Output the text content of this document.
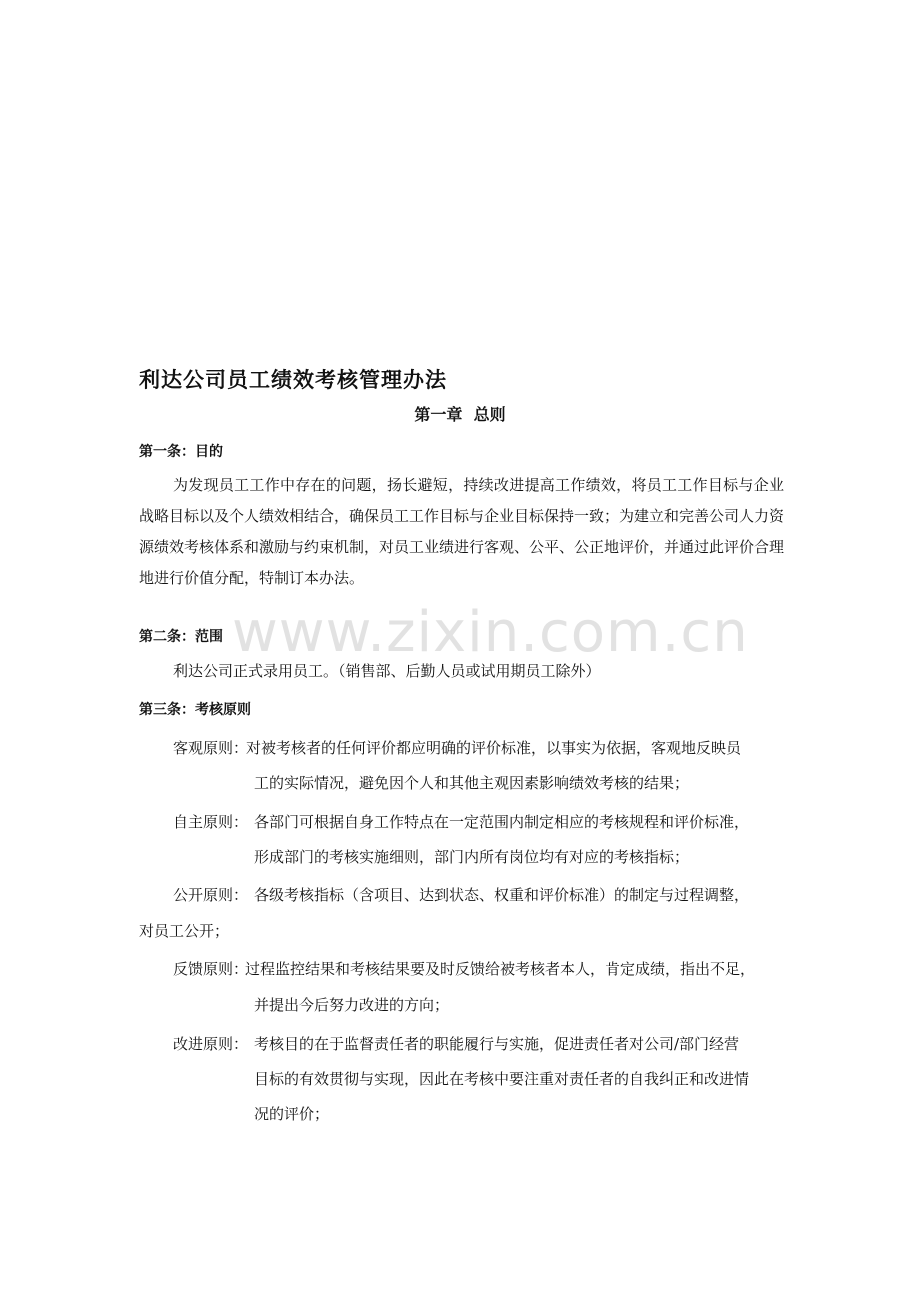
www.zixin.com.cn
利达公司员工绩效考核管理办法
第一章  总则
第一条：目的
为发现员工工作中存在的问题，扬长避短，持续改进提高工作绩效，将员工工作目标与企业战略目标以及个人绩效相结合，确保员工工作目标与企业目标保持一致；为建立和完善公司人力资源绩效考核体系和激励与约束机制，对员工业绩进行客观、公平、公正地评价，并通过此评价合理地进行价值分配，特制订本办法。
第二条：范围
利达公司正式录用员工。（销售部、后勤人员或试用期员工除外）
第三条：考核原则
客观原则：
对被考核者的任何评价都应明确的评价标准，以事实为依据，客观地反映员
工的实际情况，避免因个人和其他主观因素影响绩效考核的结果；
自主原则： 各部门可根据自身工作特点在一定范围内制定相应的考核规程和评价标准，
形成部门的考核实施细则，部门内所有岗位均有对应的考核指标；
公开原则： 各级考核指标（含项目、达到状态、权重和评价标准）的制定与过程调整，
对员工公开；
反馈原则：
过程监控结果和考核结果要及时反馈给被考核者本人，肯定成绩，指出不足，
并提出今后努力改进的方向；
改进原则： 考核目的在于监督责任者的职能履行与实施，促进责任者对公司/部门经营
目标的有效贯彻与实现，因此在考核中要注重对责任者的自我纠正和改进情
况的评价；
